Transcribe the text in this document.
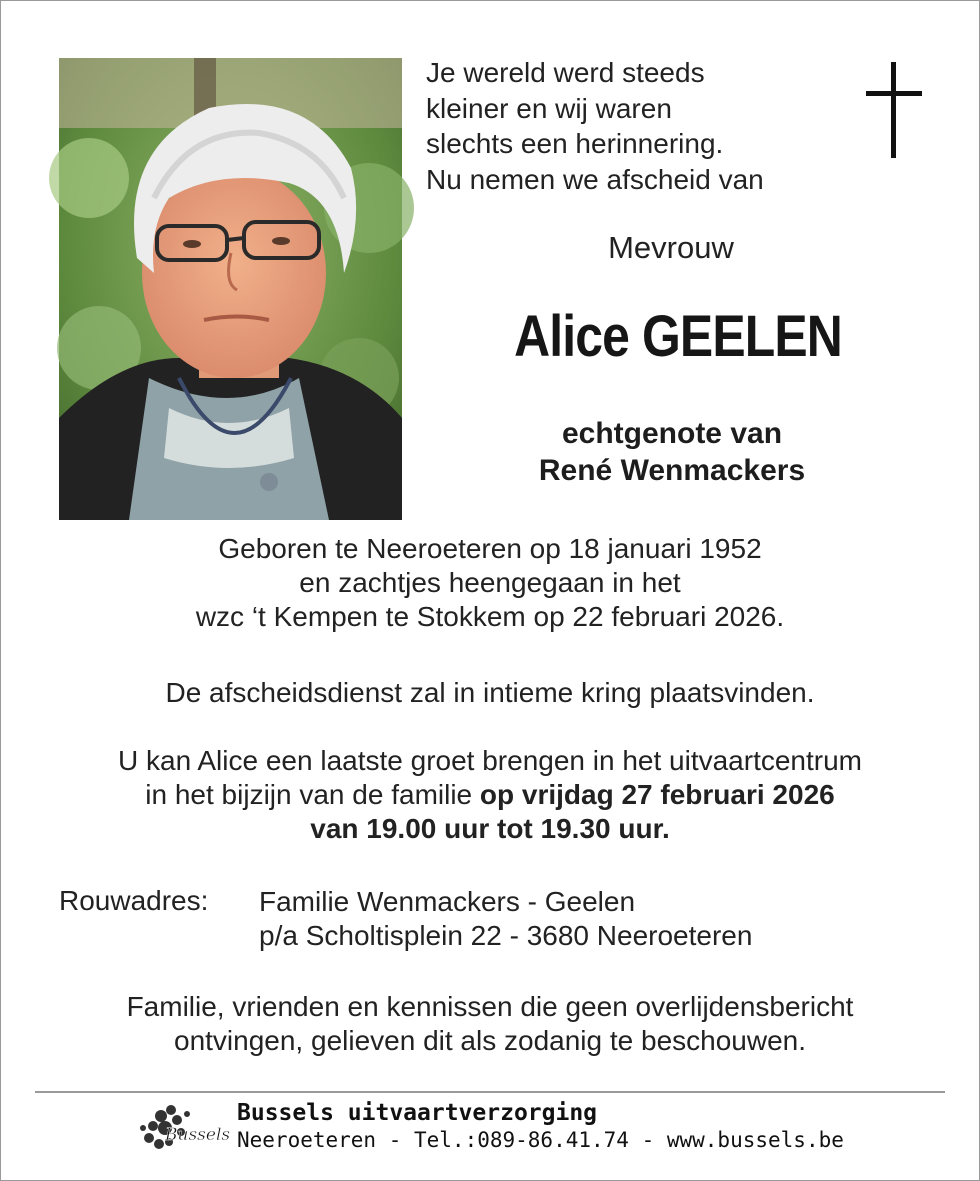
Je wereld werd steeds
kleiner en wij waren
slechts een herinnering.
Nu nemen we afscheid van
Mevrouw
Alice GEELEN
echtgenote van
René Wenmackers
Geboren te Neeroeteren op 18 januari 1952
en zachtjes heengegaan in het
wzc ‘t Kempen te Stokkem op 22 februari 2026.
De afscheidsdienst zal in intieme kring plaatsvinden.
U kan Alice een laatste groet brengen in het uitvaartcentrum
in het bijzijn van de familie op vrijdag 27 februari 2026
van 19.00 uur tot 19.30 uur.
Rouwadres: Familie Wenmackers - Geelen
p/a Scholtisplein 22 - 3680 Neeroeteren
Familie, vrienden en kennissen die geen overlijdensbericht
ontvingen, gelieven dit als zodanig te beschouwen.
Bussels
Bussels uitvaartverzorging
Neeroeteren - Tel.:089-86.41.74 - www.bussels.be
